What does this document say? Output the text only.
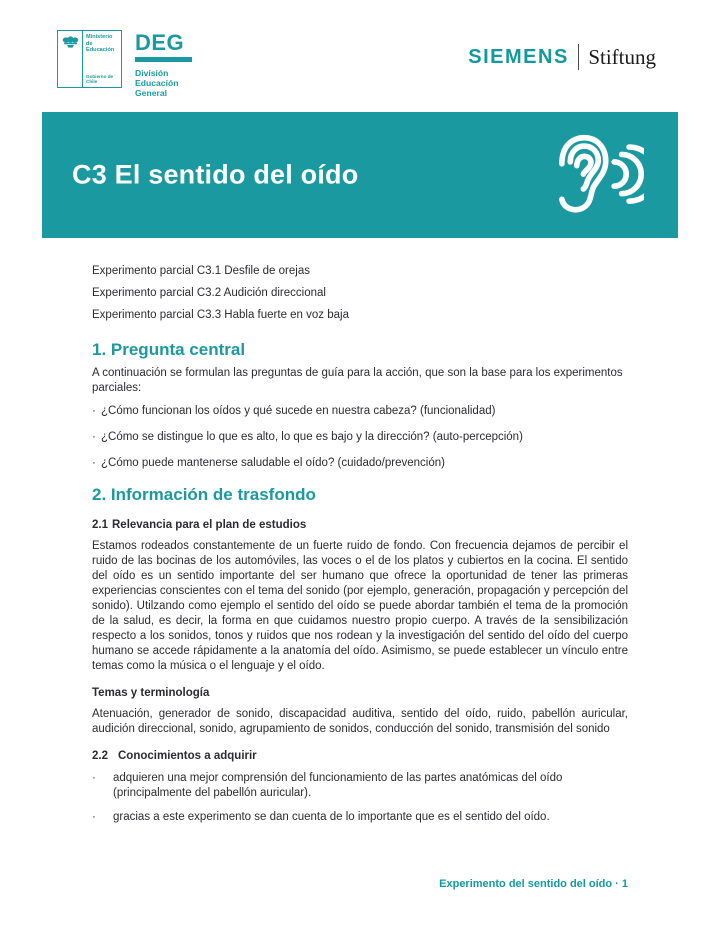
Ministerio de
Educación
Gobierno de Chile
DEG
División
Educación
General
SIEMENS Stiftung
C3 El sentido del oído
Experimento parcial C3.1 Desfile de orejas
Experimento parcial C3.2 Audición direccional
Experimento parcial C3.3 Habla fuerte en voz baja
1. Pregunta central
A continuación se formulan las preguntas de guía para la acción, que son la base para los experimentos parciales:
· ¿Cómo funcionan los oídos y qué sucede en nuestra cabeza? (funcionalidad)
· ¿Cómo se distingue lo que es alto, lo que es bajo y la dirección? (auto-percepción)
· ¿Cómo puede mantenerse saludable el oído? (cuidado/prevención)
2. Información de trasfondo
2.1 Relevancia para el plan de estudios
Estamos rodeados constantemente de un fuerte ruido de fondo. Con frecuencia dejamos de percibir el ruido de las bocinas de los automóviles, las voces o el de los platos y cubiertos en la cocina. El sentido del oído es un sentido importante del ser humano que ofrece la oportunidad de tener las primeras experiencias conscientes con el tema del sonido (por ejemplo, generación, propagación y percepción del sonido). Utilzando como ejemplo el sentido del oído se puede abordar también el tema de la promoción de la salud, es decir, la forma en que cuidamos nuestro propio cuerpo. A través de la sensibilización respecto a los sonidos, tonos y ruidos que nos rodean y la investigación del sentido del oído del cuerpo humano se accede rápidamente a la anatomía del oído. Asimismo, se puede establecer un vínculo entre temas como la música o el lenguaje y el oído.
Temas y terminología
Atenuación, generador de sonido, discapacidad auditiva, sentido del oído, ruido, pabellón auricular, audición direccional, sonido, agrupamiento de sonidos, conducción del sonido, transmisión del sonido
2.2 Conocimientos a adquirir
·	adquieren una mejor comprensión del funcionamiento de las partes anatómicas del oído (principalmente del pabellón auricular).
·	gracias a este experimento se dan cuenta de lo importante que es el sentido del oído.
Experimento del sentido del oído · 1
